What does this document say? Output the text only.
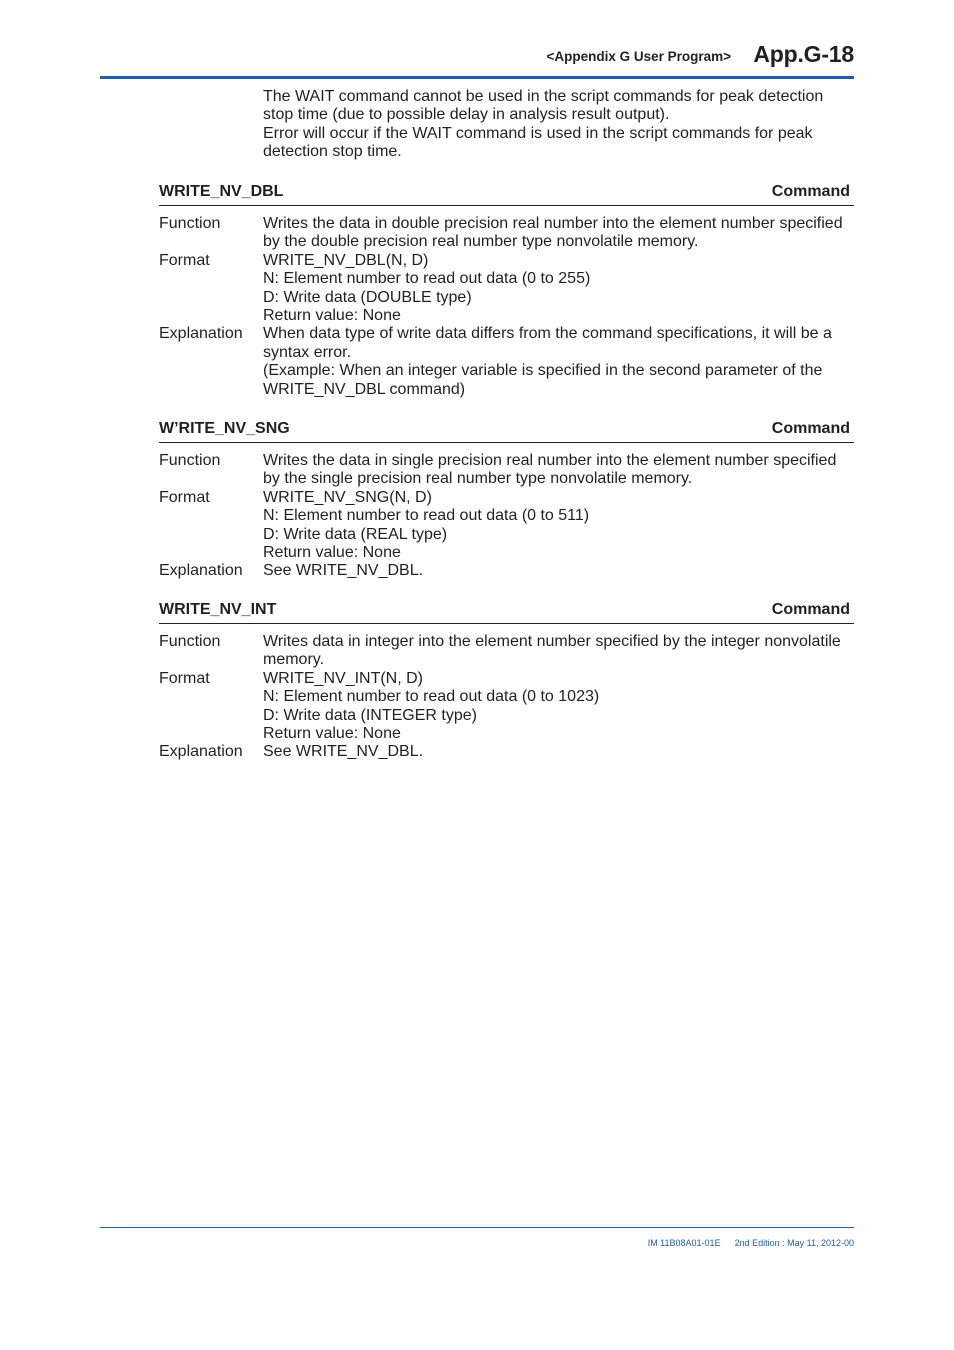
<Appendix G User Program> App.G-18

The WAIT command cannot be used in the script commands for peak detection stop time (due to possible delay in analysis result output).

Error will occur if the WAIT command is used in the script commands for peak detection stop time.

WRITE_NV_DBL	Command
Function	Writes the data in double precision real number into the element number specified by the double precision real number type nonvolatile memory.
Format	WRITE_NV_DBL(N, D)
N: Element number to read out data (0 to 255)
D: Write data (DOUBLE type)
Return value: None
Explanation	When data type of write data differs from the command specifications, it will be a syntax error.
(Example: When an integer variable is specified in the second parameter of the WRITE_NV_DBL command)
W’RITE_NV_SNG	Command
Function	Writes the data in single precision real number into the element number specified by the single precision real number type nonvolatile memory.
Format	WRITE_NV_SNG(N, D)
N: Element number to read out data (0 to 511)
D: Write data (REAL type)
Return value: None
Explanation	See WRITE_NV_DBL.
WRITE_NV_INT	Command
Function	Writes data in integer into the element number specified by the integer nonvolatile memory.
Format	WRITE_NV_INT(N, D)
N: Element number to read out data (0 to 1023)
D: Write data (INTEGER type)
Return value: None
Explanation	See WRITE_NV_DBL.
IM 11B08A01-01E 2nd Edition : May 11, 2012-00
